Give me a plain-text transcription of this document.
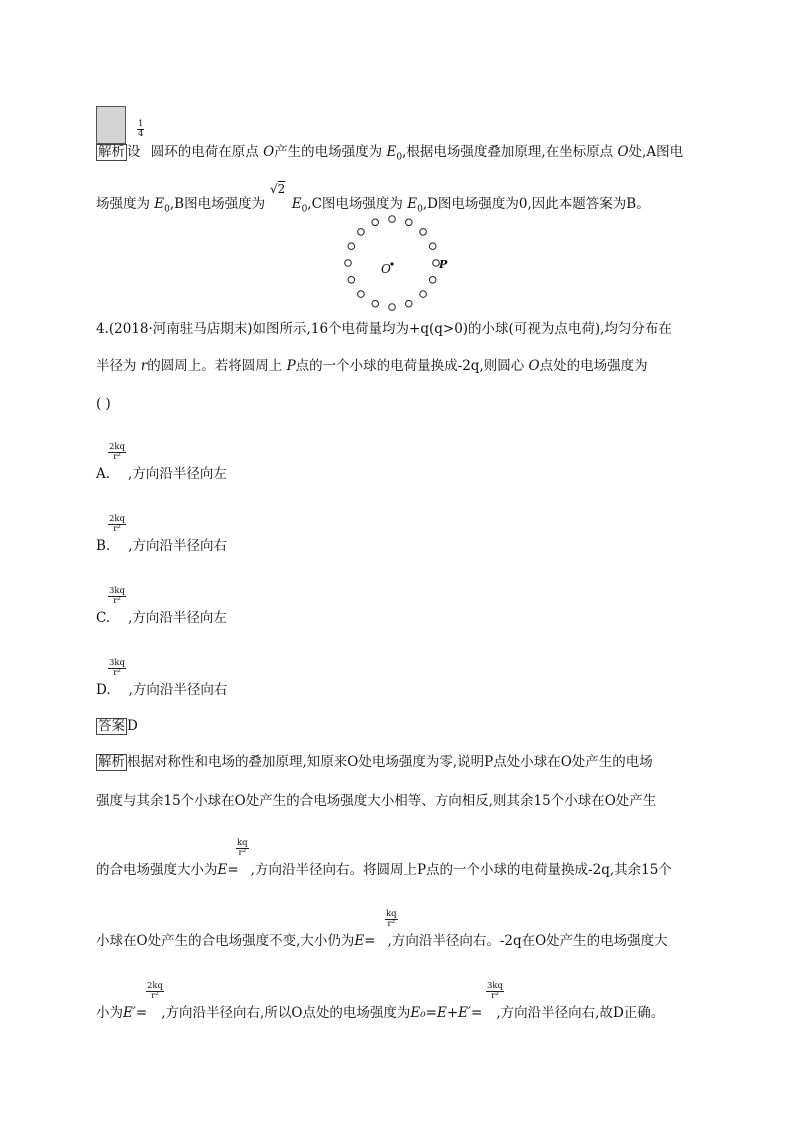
$\frac{1}{4}$
解析 设 圆环的电荷在原点 O产生的电场强度为 $E_0$,根据电场强度叠加原理,在坐标原点 O处,A图电
√2
场强度为 $E_0,B$图电场强度为 $E_0,C$图电场强度为 $E_0,D$图电场强度为0,因此本题答案为B。
O	P
4.(2018·河南驻马店期末)如图所示,16个电荷量均为+q(q>0)的小球(可视为点电荷),均匀分布在
半径为 r的圆周上。若将圆周上 P点的一个小球的电荷量换成-2q,则圆心 O点处的电场强度为
( )
$\frac{2kq}{\text{r²}}$
A. ,方向沿半径向左
$\frac{2kq}{\text{r²}}$
B. ,方向沿半径向右
$\frac{3kq}{\text{r²}}$
C. ,方向沿半径向左
$\frac{3kq}{\text{r²}}$
D. ,方向沿半径向右
答案 D
解析 根据对称性和电场的叠加原理,知原来O处电场强度为零,说明P点处小球在O处产生的电场
强度与其余15个小球在O处产生的合电场强度大小相等、方向相反,则其余15个小球在O处产生
$\frac{kq}{\text{r²}}$
的合电场强度大小为E= ,方向沿半径向右。将圆周上P点的一个小球的电荷量换成-2q,其余15个
$\frac{kq}{\text{r²}}$
小球在O处产生的合电场强度不变,大小仍为E= ,方向沿半径向右。-2q在O处产生的电场强度大
$\frac{2kq}{\text{r²}}$	$\frac{3kq}{\text{r²}}$
小为E′= ,方向沿半径向右,所以O点处的电场强度为E₀=E+E′= ,方向沿半径向右,故D正确。
